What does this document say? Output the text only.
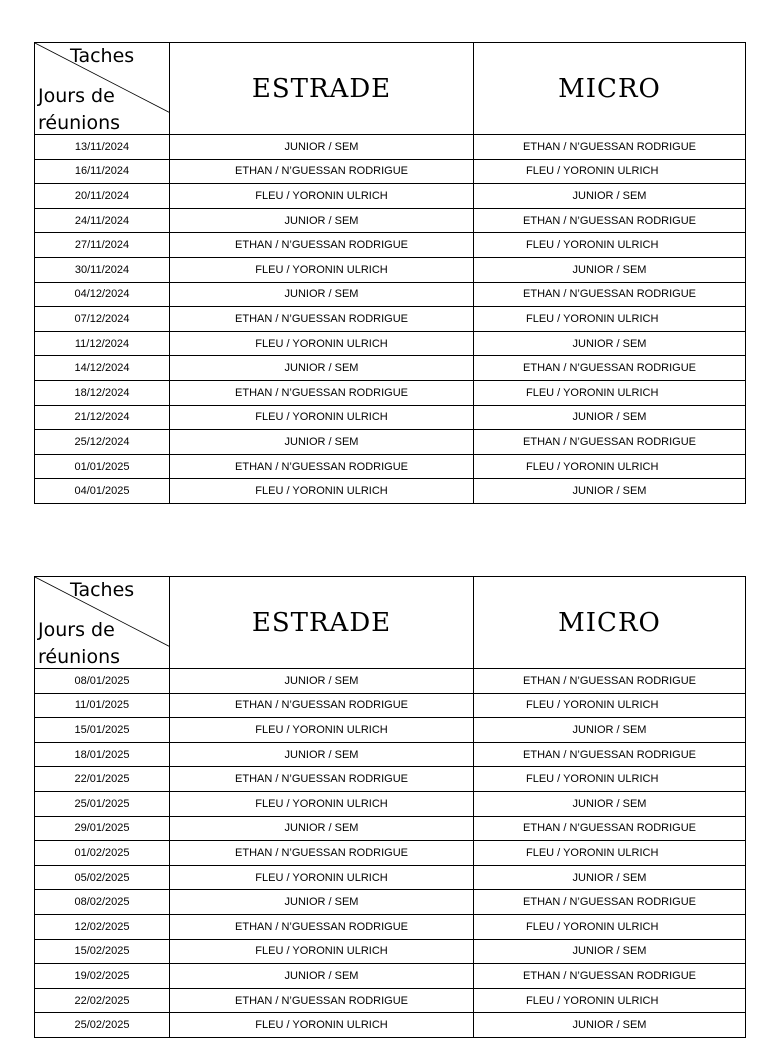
Taches
Jours de réunions	ESTRADE	MICRO
13/11/2024	JUNIOR / SEM	ETHAN / N’GUESSAN RODRIGUE
16/11/2024	ETHAN / N’GUESSAN RODRIGUE	FLEU / YORONIN ULRICH
20/11/2024	FLEU / YORONIN ULRICH	JUNIOR / SEM
24/11/2024	JUNIOR / SEM	ETHAN / N’GUESSAN RODRIGUE
27/11/2024	ETHAN / N’GUESSAN RODRIGUE	FLEU / YORONIN ULRICH
30/11/2024	FLEU / YORONIN ULRICH	JUNIOR / SEM
04/12/2024	JUNIOR / SEM	ETHAN / N’GUESSAN RODRIGUE
07/12/2024	ETHAN / N’GUESSAN RODRIGUE	FLEU / YORONIN ULRICH
11/12/2024	FLEU / YORONIN ULRICH	JUNIOR / SEM
14/12/2024	JUNIOR / SEM	ETHAN / N’GUESSAN RODRIGUE
18/12/2024	ETHAN / N’GUESSAN RODRIGUE	FLEU / YORONIN ULRICH
21/12/2024	FLEU / YORONIN ULRICH	JUNIOR / SEM
25/12/2024	JUNIOR / SEM	ETHAN / N’GUESSAN RODRIGUE
01/01/2025	ETHAN / N’GUESSAN RODRIGUE	FLEU / YORONIN ULRICH
04/01/2025	FLEU / YORONIN ULRICH	JUNIOR / SEM
Taches
Jours de réunions	ESTRADE	MICRO
08/01/2025	JUNIOR / SEM	ETHAN / N’GUESSAN RODRIGUE
11/01/2025	ETHAN / N’GUESSAN RODRIGUE	FLEU / YORONIN ULRICH
15/01/2025	FLEU / YORONIN ULRICH	JUNIOR / SEM
18/01/2025	JUNIOR / SEM	ETHAN / N’GUESSAN RODRIGUE
22/01/2025	ETHAN / N’GUESSAN RODRIGUE	FLEU / YORONIN ULRICH
25/01/2025	FLEU / YORONIN ULRICH	JUNIOR / SEM
29/01/2025	JUNIOR / SEM	ETHAN / N’GUESSAN RODRIGUE
01/02/2025	ETHAN / N’GUESSAN RODRIGUE	FLEU / YORONIN ULRICH
05/02/2025	FLEU / YORONIN ULRICH	JUNIOR / SEM
08/02/2025	JUNIOR / SEM	ETHAN / N’GUESSAN RODRIGUE
12/02/2025	ETHAN / N’GUESSAN RODRIGUE	FLEU / YORONIN ULRICH
15/02/2025	FLEU / YORONIN ULRICH	JUNIOR / SEM
19/02/2025	JUNIOR / SEM	ETHAN / N’GUESSAN RODRIGUE
22/02/2025	ETHAN / N’GUESSAN RODRIGUE	FLEU / YORONIN ULRICH
25/02/2025	FLEU / YORONIN ULRICH	JUNIOR / SEM
